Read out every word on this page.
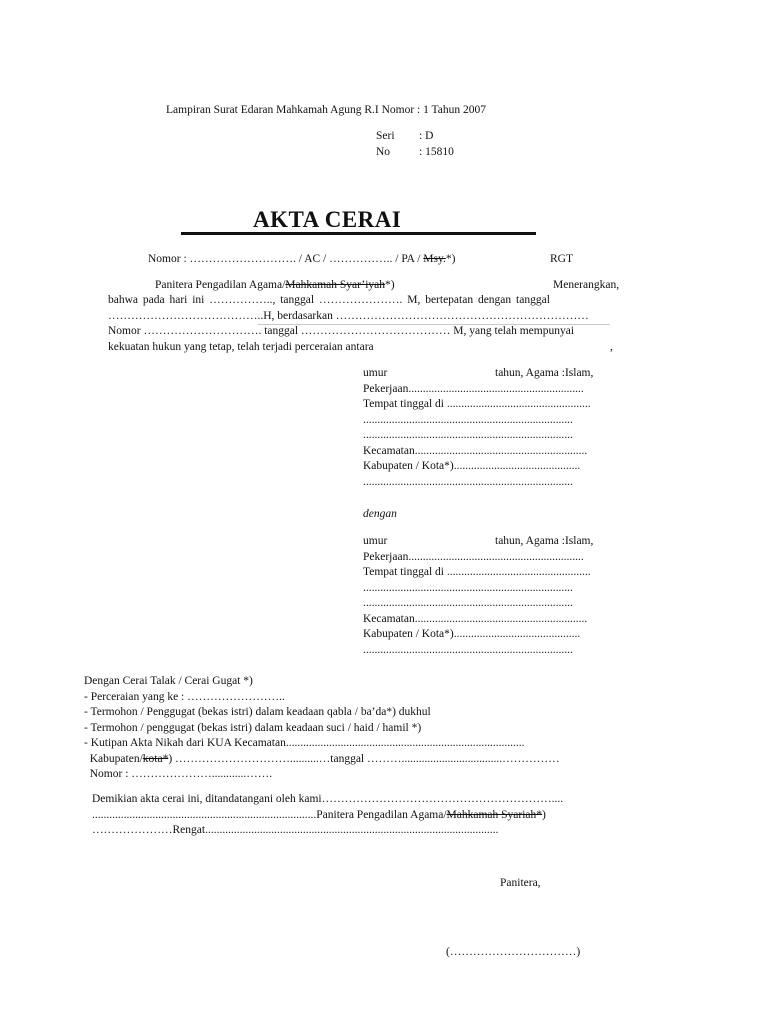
Lampiran Surat Edaran Mahkamah Agung R.I Nomor : 1 Tahun 2007
Seri : D
No	: 15810
AKTA CERAI
Nomor : ………………………. / AC / …………….. / PA / Msy.*)	RGT
Panitera Pengadilan Agama/Mahkamah Syar’iyah*)	Menerangkan,
bahwa pada hari ini …………….., tanggal …………………. M, bertepatan dengan tanggal
…………………………………..H, berdasarkan …………………………………………………………
Nomor …………………………. tanggal ………………………………… M, yang telah mempunyai
kekuatan hukun yang tetap, telah terjadi perceraian antara	,
umur	tahun, Agama :Islam,
Pekerjaan.............................................................
Tempat tinggal di ..................................................
.........................................................................
.........................................................................
Kecamatan............................................................
Kabupaten / Kota*)............................................
.........................................................................
dengan
umur	tahun, Agama :Islam,
Pekerjaan.............................................................
Tempat tinggal di ..................................................
.........................................................................
.........................................................................
Kecamatan............................................................
Kabupaten / Kota*)............................................
.........................................................................
Dengan Cerai Talak / Cerai Gugat *)
- Perceraian yang ke : ……………………..
- Termohon / Penggugat (bekas istri) dalam keadaan qabla / ba’da*) dukhul
- Termohon / penggugat (bekas istri) dalam keadaan suci / haid / hamil *)
- Kutipan Akta Nikah dari KUA Kecamatan...................................................................................
Kabupaten/kota*) …………………………..........…tanggal ………...................................……………
Nomor : …………………............…….
Demikian akta cerai ini, ditandatangani oleh kami……………………………………………………....
..............................................................................Panitera Pengadilan Agama/Mahkamah Syariah*)
…………………Rengat......................................................................................................
Panitera,
(……………………………)
